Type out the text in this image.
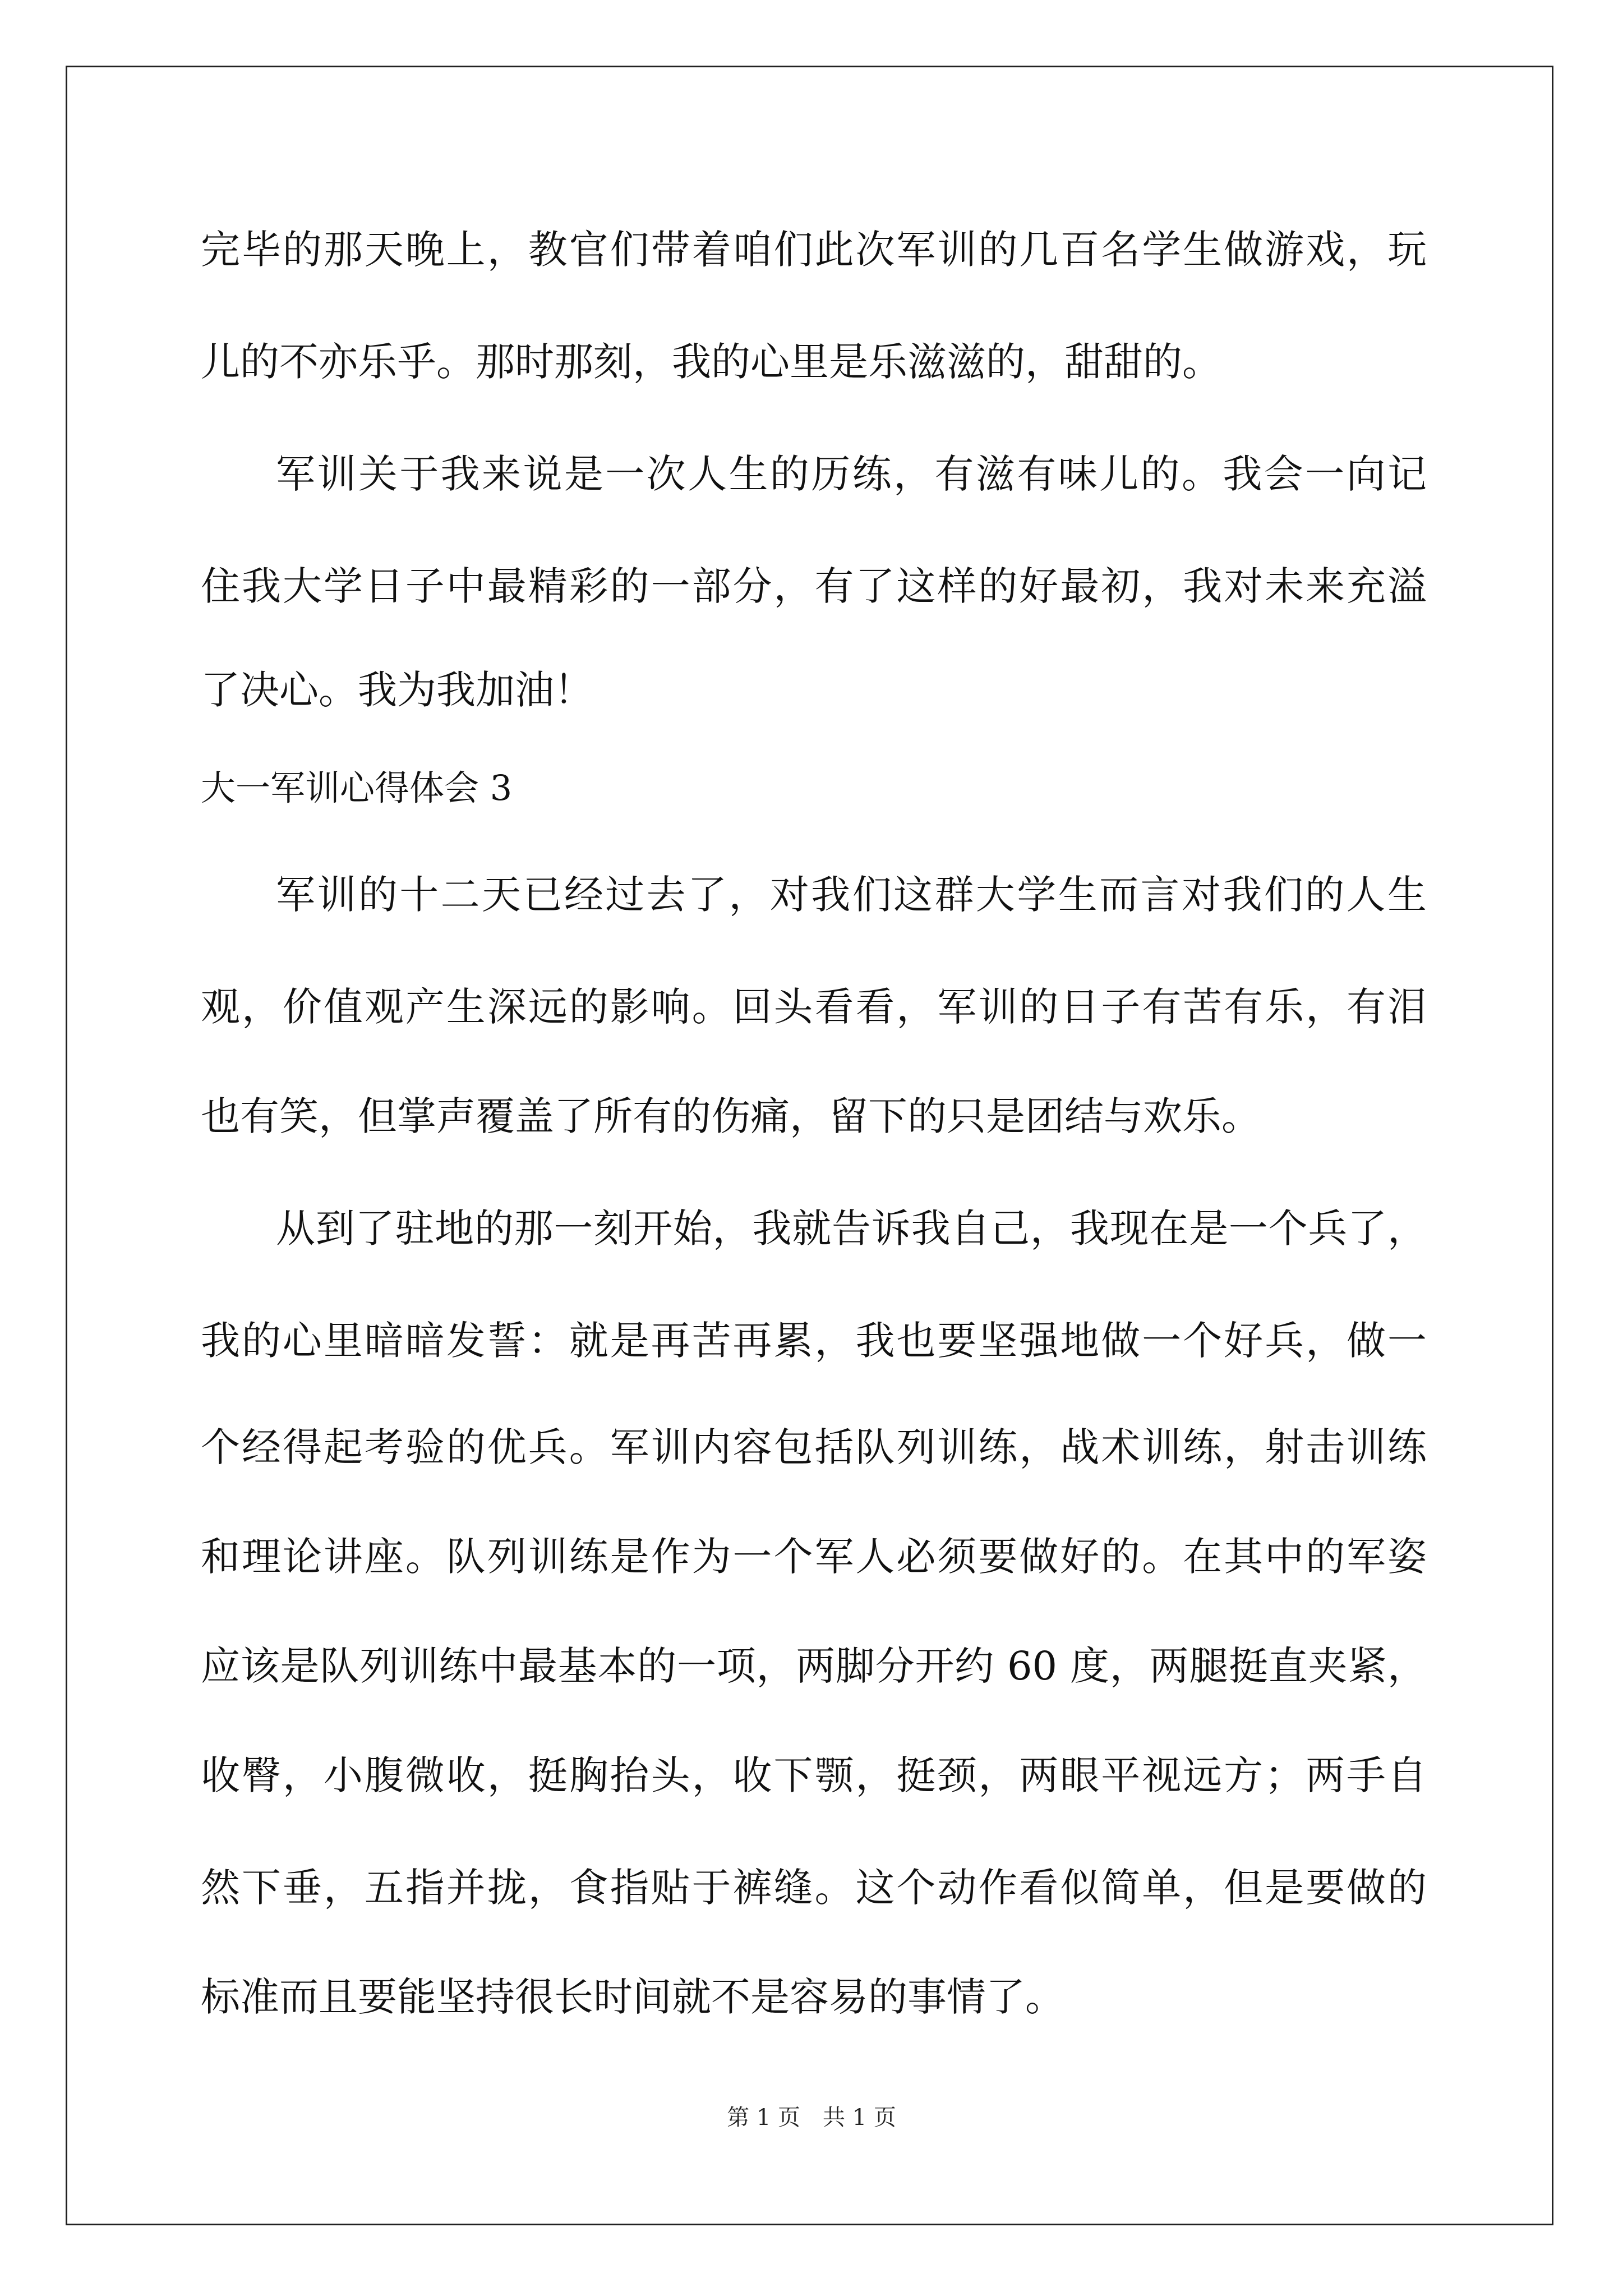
完毕的那天晚上，教官们带着咱们此次军训的几百名学生做游戏，玩
儿的不亦乐乎。那时那刻，我的心里是乐滋滋的，甜甜的。
军训关于我来说是一次人生的历练，有滋有味儿的。我会一向记
住我大学日子中最精彩的一部分，有了这样的好最初，我对未来充溢
了决心。我为我加油！
大一军训心得体会 3
军训的十二天已经过去了，对我们这群大学生而言对我们的人生
观，价值观产生深远的影响。回头看看，军训的日子有苦有乐，有泪
也有笑，但掌声覆盖了所有的伤痛，留下的只是团结与欢乐。
从到了驻地的那一刻开始，我就告诉我自己，我现在是一个兵了，
我的心里暗暗发誓：就是再苦再累，我也要坚强地做一个好兵，做一
个经得起考验的优兵。军训内容包括队列训练，战术训练，射击训练
和理论讲座。队列训练是作为一个军人必须要做好的。在其中的军姿
应该是队列训练中最基本的一项，两脚分开约 60 度，两腿挺直夹紧，
收臀，小腹微收，挺胸抬头，收下颚，挺颈，两眼平视远方；两手自
然下垂，五指并拢，食指贴于裤缝。这个动作看似简单，但是要做的
标准而且要能坚持很长时间就不是容易的事情了。
第 1 页 共 1 页
